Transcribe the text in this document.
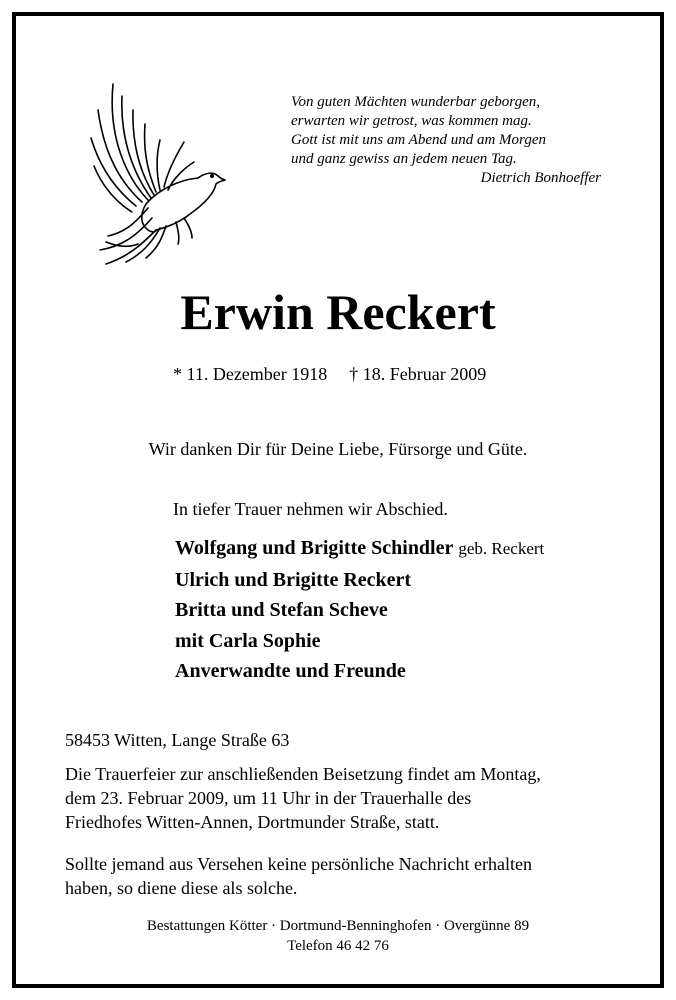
Von guten Mächten wunderbar geborgen,
erwarten wir getrost, was kommen mag.
Gott ist mit uns am Abend und am Morgen
und ganz gewiss an jedem neuen Tag.
Dietrich Bonhoeffer
Erwin Reckert
* 11. Dezember 1918 † 18. Februar 2009
Wir danken Dir für Deine Liebe, Fürsorge und Güte.
In tiefer Trauer nehmen wir Abschied.
Wolfgang und Brigitte Schindler geb. Reckert
Ulrich und Brigitte Reckert
Britta und Stefan Scheve
mit Carla Sophie
Anverwandte und Freunde
58453 Witten, Lange Straße 63
Die Trauerfeier zur anschließenden Beisetzung findet am Montag,
dem 23. Februar 2009, um 11 Uhr in der Trauerhalle des
Friedhofes Witten-Annen, Dortmunder Straße, statt.
Sollte jemand aus Versehen keine persönliche Nachricht erhalten
haben, so diene diese als solche.
Bestattungen Kötter · Dortmund-Benninghofen · Overgünne 89
Telefon 46 42 76
